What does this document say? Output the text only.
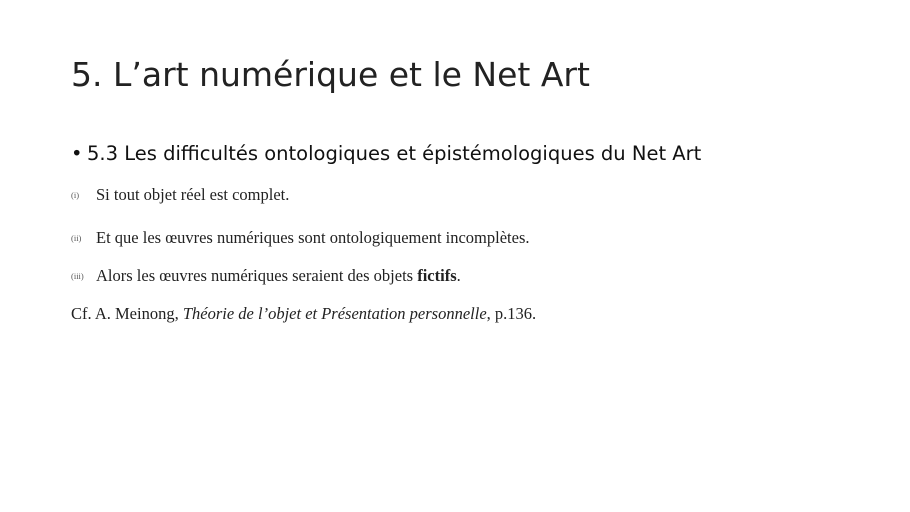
5. L’art numérique et le Net Art
• 5.3 Les difficultés ontologiques et épistémologiques du Net Art
(i) Si tout objet réel est complet.
(ii) Et que les œuvres numériques sont ontologiquement incomplètes.
(iii) Alors les œuvres numériques seraient des objets fictifs.
Cf. A. Meinong, Théorie de l’objet et Présentation personnelle, p.136.
